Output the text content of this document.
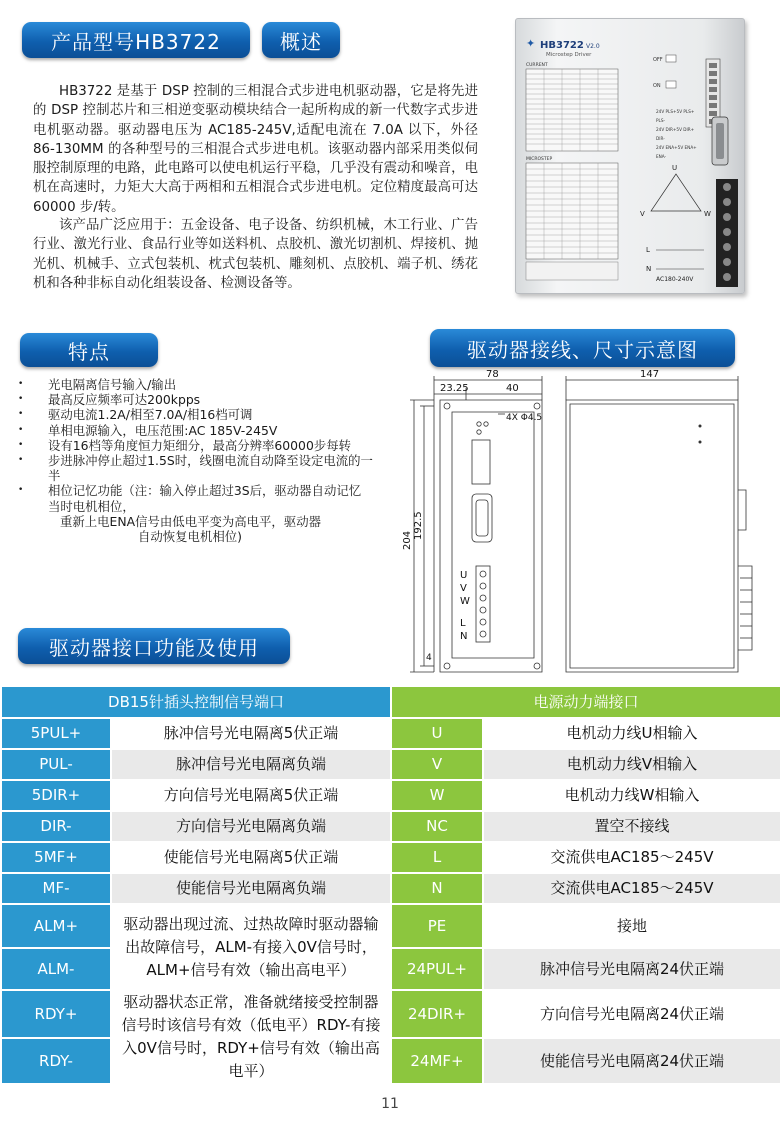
产品型号HB3722	概述
HB3722 是基于 DSP 控制的三相混合式步进电机驱动器，它是将先进的 DSP 控制芯片和三相逆变驱动模块结合一起所构成的新一代数字式步进电机驱动器。驱动器电压为 AC185-245V,适配电流在 7.0A 以下，外径 86-130MM 的各种型号的三相混合式步进电机。该驱动器内部采用类似伺服控制原理的电路，此电路可以使电机运行平稳，几乎没有震动和噪音，电机在高速时，力矩大大高于两相和五相混合式步进电机。定位精度最高可达 60000 步/转。
该产品广泛应用于：五金设备、电子设备、纺织机械，木工行业、广告行业、激光行业、食品行业等如送料机、点胶机、激光切割机、焊接机、抛光机、机械手、立式包装机、枕式包装机、雕刻机、点胶机、端子机、绣花机和各种非标自动化组装设备、检测设备等。
✦ HB3722 V2.0
Microstep Driver
CURRENT
MICROSTEP
OFF
ON
24V PLS+5V PLS+
PLS-
24V DIR+5V DIR+
DIR-
24V ENA+5V ENA+
ENA-
U
V	W
L
N
AC180-240V
特点
• 光电隔离信号输入/输出
• 最高反应频率可达200kpps
• 驱动电流1.2A/相至7.0A/相16档可调
• 单相电源输入，电压范围:AC 185V-245V
• 设有16档等角度恒力矩细分，最高分辨率60000步每转
• 步进脉冲停止超过1.5S时，线圈电流自动降至设定电流的一半
• 相位记忆功能（注：输入停止超过3S后，驱动器自动记忆当时电机相位，
重新上电ENA信号由低电平变为高电平，驱动器
自动恢复电机相位)
驱动器接线、尺寸示意图
78
23.25	40
4X Φ4.5
147
204
192.5
4
U
V
W
L
N
驱动器接口功能及使用
DB15针插头控制信号端口		电源动力端接口	
5PUL+	脉冲信号光电隔离5伏正端	U	电机动力线U相输入
PUL-	脉冲信号光电隔离负端	V	电机动力线V相输入
5DIR+	方向信号光电隔离5伏正端	W	电机动力线W相输入
DIR-	方向信号光电隔离负端	NC	置空不接线
5MF+	使能信号光电隔离5伏正端	L	交流供电AC185～245V
MF-	使能信号光电隔离负端	N	交流供电AC185～245V
ALM+	驱动器出现过流、过热故障时驱动器输出故障信号，ALM-有接入0V信号时，ALM+信号有效（输出高电平）	PE	接地
ALM-		24PUL+	脉冲信号光电隔离24伏正端
RDY+	驱动器状态正常，准备就绪接受控制器信号时该信号有效（低电平）RDY-有接入0V信号时，RDY+信号有效（输出高电平）	24DIR+	方向信号光电隔离24伏正端
RDY-		24MF+	使能信号光电隔离24伏正端
11
